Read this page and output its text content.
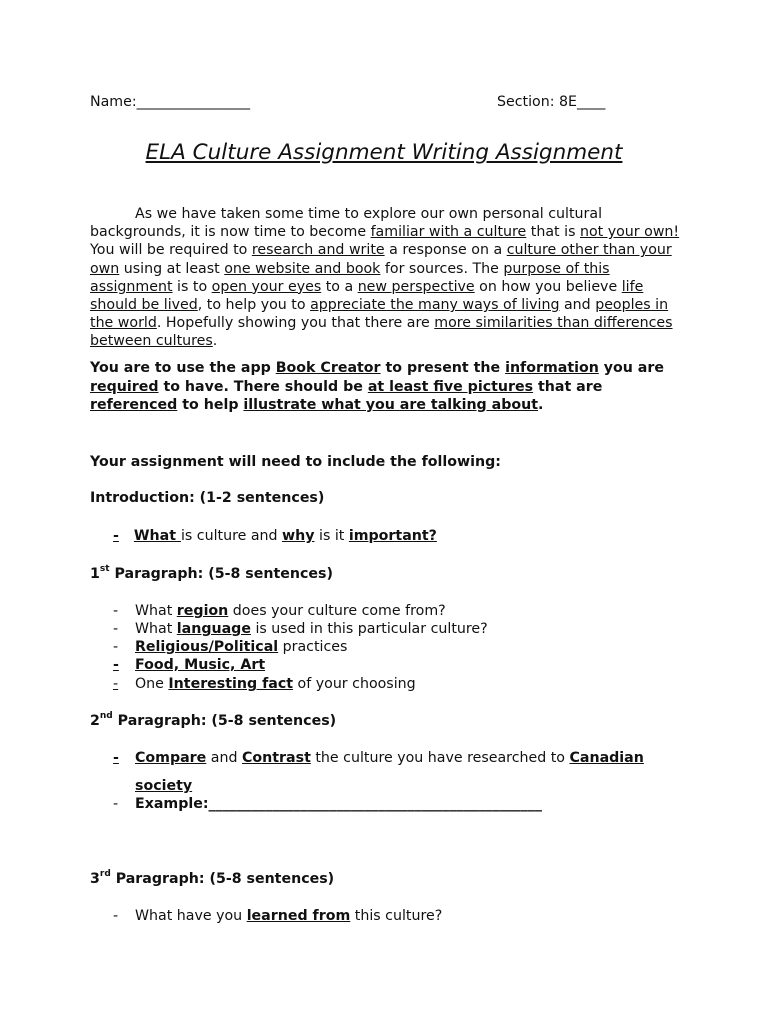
Name:________________	Section: 8E____
ELA Culture Assignment Writing Assignment
As we have taken some time to explore our own personal cultural backgrounds, it is now time to become familiar with a culture that is not your own! You will be required to research and write a response on a culture other than your own using at least one website and book for sources. The purpose of this assignment is to open your eyes to a new perspective on how you believe life should be lived, to help you to appreciate the many ways of living and peoples in the world. Hopefully showing you that there are more similarities than differences between cultures.
You are to use the app Book Creator to present the information you are required to have. There should be at least five pictures that are referenced to help illustrate what you are talking about.
Your assignment will need to include the following:
Introduction: (1-2 sentences)
- What is culture and why is it important?
1st Paragraph: (5-8 sentences)
- What region does your culture come from?
- What language is used in this particular culture?
- Religious/Political practices
- Food, Music, Art
- One Interesting fact of your choosing
2nd Paragraph: (5-8 sentences)
- Compare and Contrast the culture you have researched to Canadian
society
- Example:_______________________________________________
3rd Paragraph: (5-8 sentences)
- What have you learned from this culture?
